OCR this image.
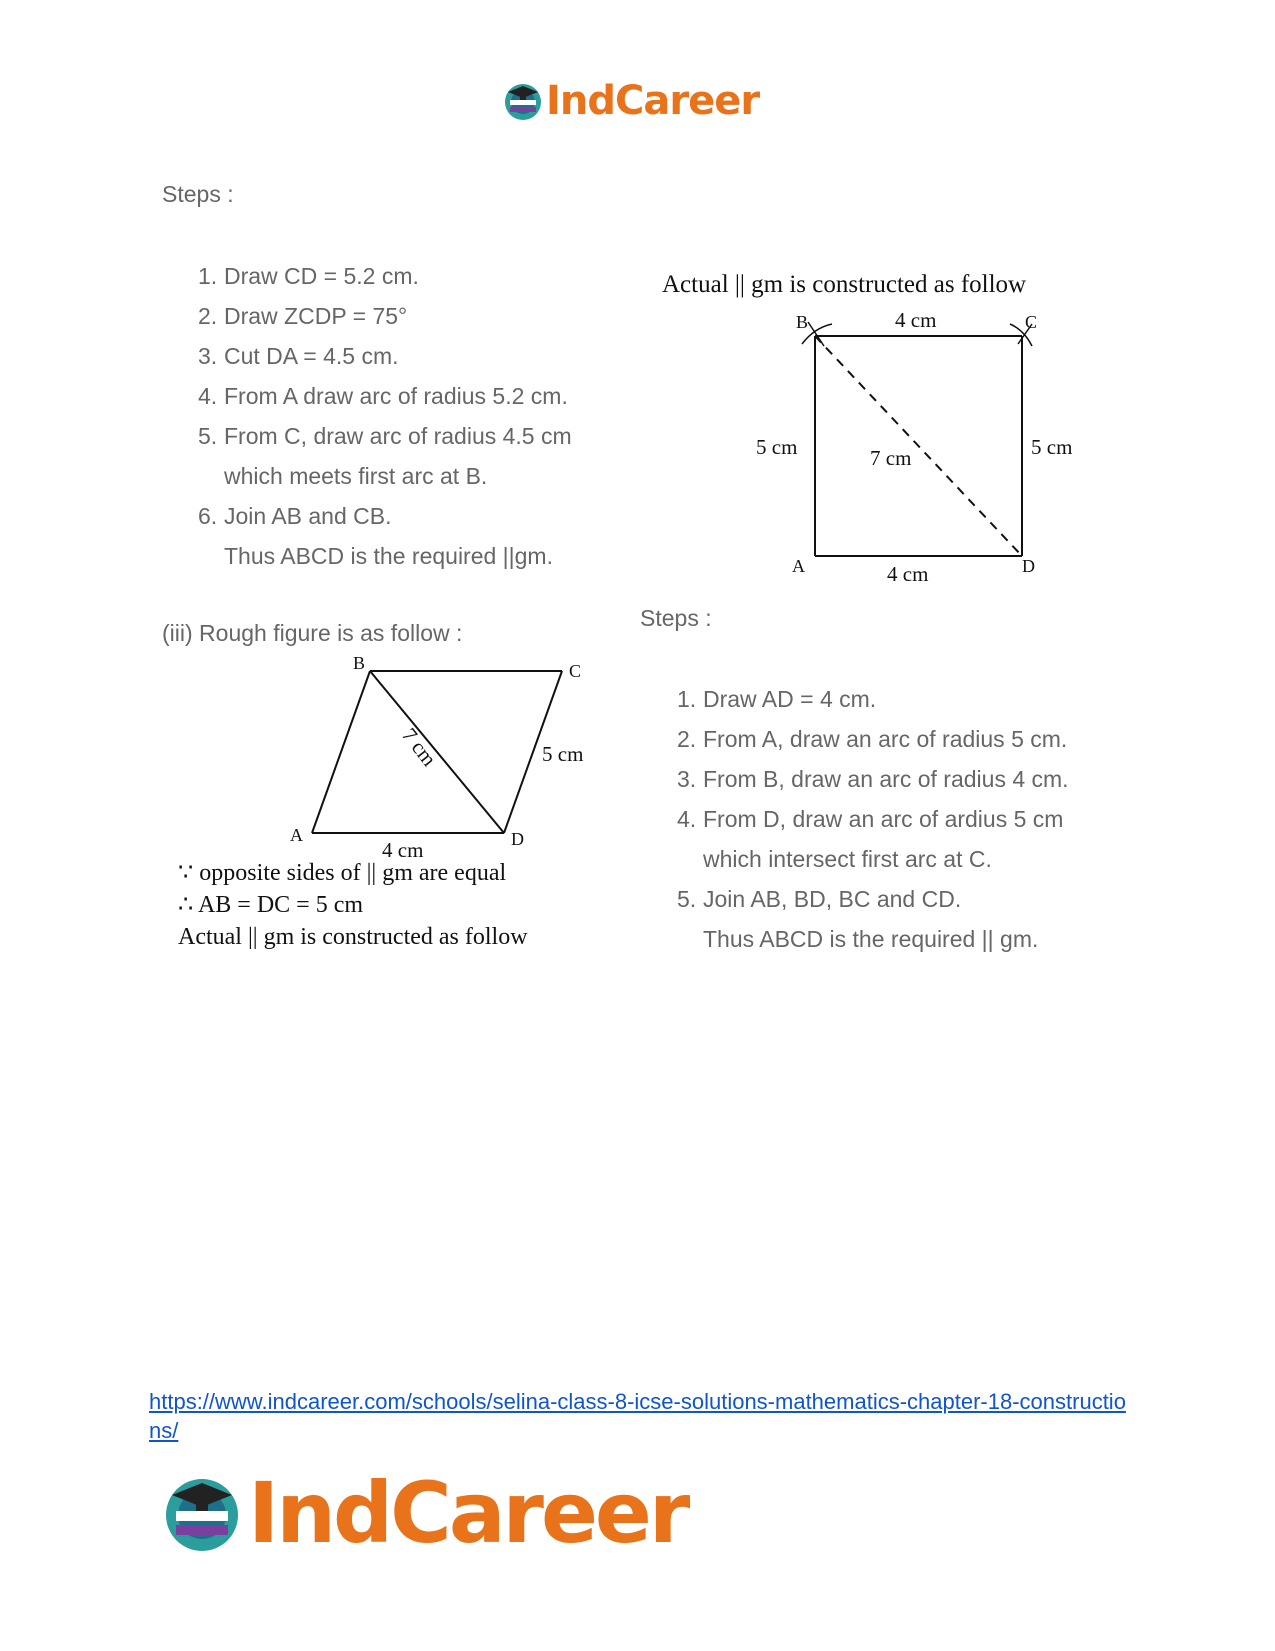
IndCareer
Steps :
1. Draw CD = 5.2 cm.
2. Draw ZCDP = 75°
3. Cut DA = 4.5 cm.
4. From A draw arc of radius 5.2 cm.
5. From C, draw arc of radius 4.5 cm
which meets first arc at B.
6. Join AB and CB.
Thus ABCD is the required ||gm.
Actual || gm is constructed as follow
B	C
A	D
4 cm
4 cm
5 cm	5 cm
7 cm
(iii) Rough figure is as follow :
B	C
A	D
5 cm
4 cm
7 cm
∵ opposite sides of || gm are equal
∴ AB = DC = 5 cm
Actual || gm is constructed as follow
Steps :
1. Draw AD = 4 cm.
2. From A, draw an arc of radius 5 cm.
3. From B, draw an arc of radius 4 cm.
4. From D, draw an arc of ardius 5 cm
which intersect first arc at C.
5. Join AB, BD, BC and CD.
Thus ABCD is the required || gm.
https://www.indcareer.com/schools/selina-class-8-icse-solutions-mathematics-chapter-18-constructions/
IndCareer
